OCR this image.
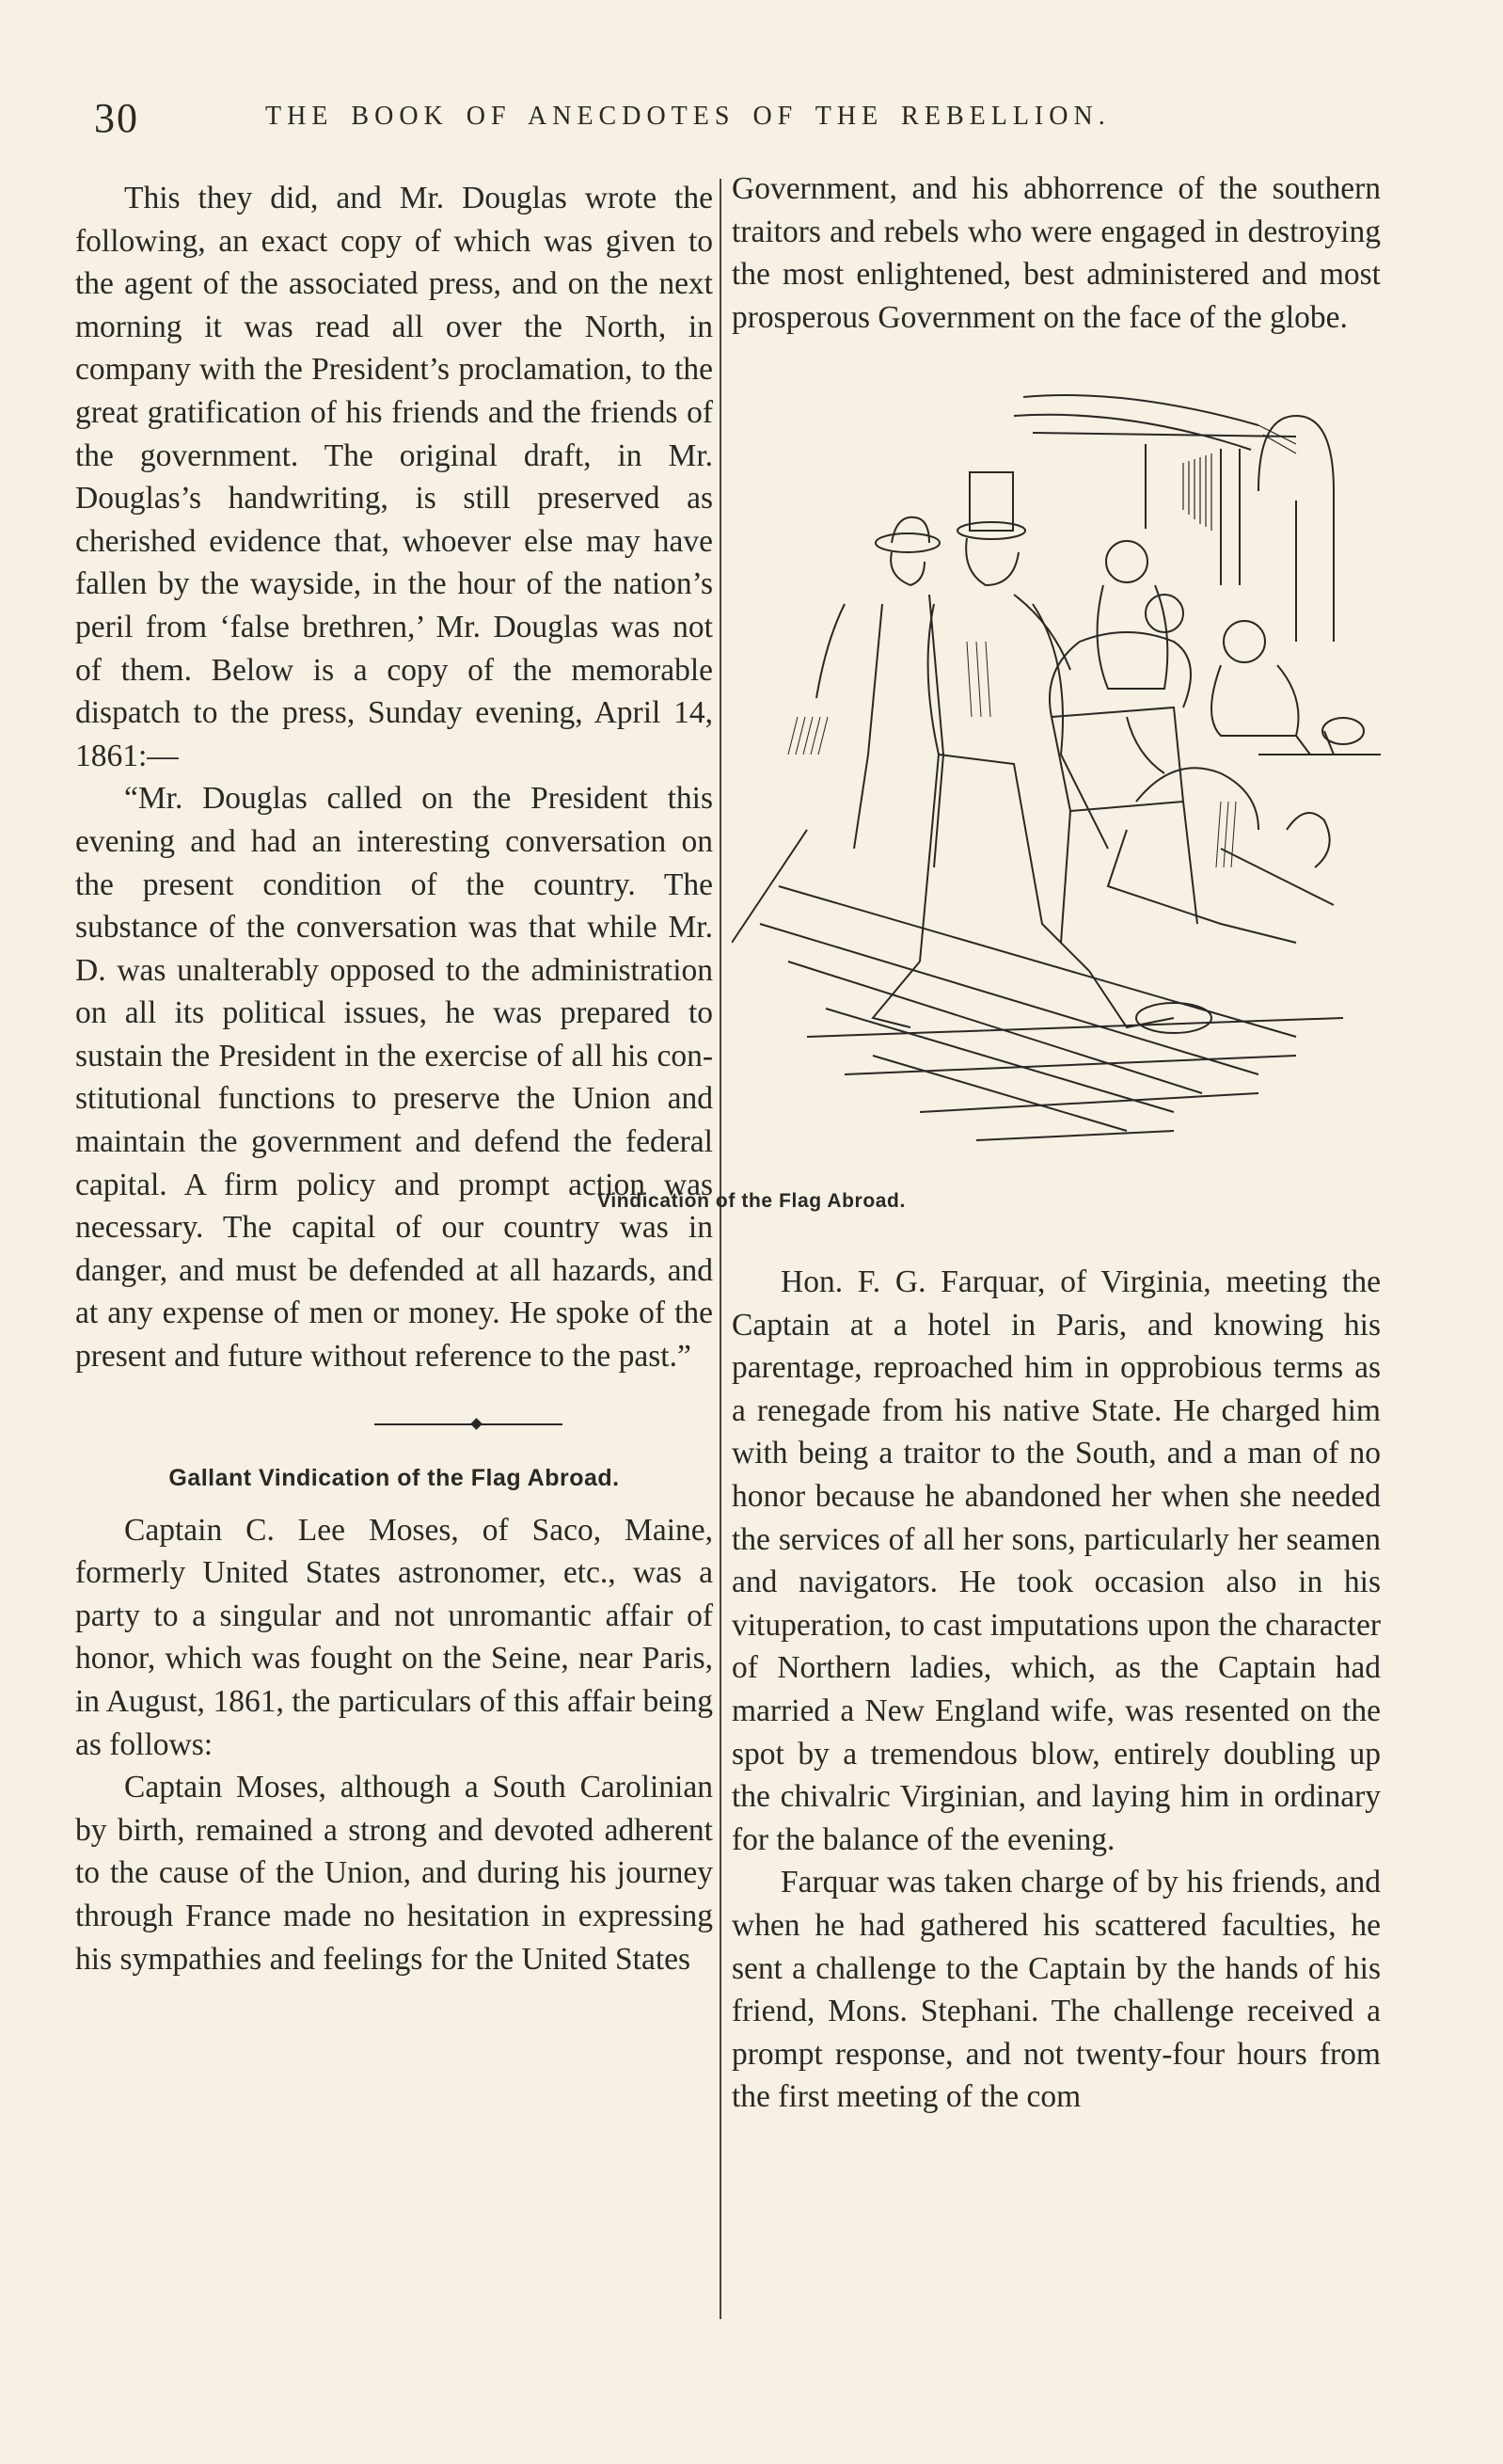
30	THE BOOK OF ANECDOTES OF THE REBELLION.

This they did, and Mr. Douglas wrote the following, an exact copy of which was given to the agent of the associated press, and on the next morning it was read all over the North, in company with the President’s proclamation, to the great gratification of his friends and the friends of the government. The original draft, in Mr. Douglas’s handwriting, is still preserved as cherished evidence that, whoever else may have fallen by the wayside, in the hour of the nation’s peril from ‘false brethren,’ Mr. Douglas was not of them. Below is a copy of the memorable dispatch to the press, Sunday evening, April 14, 1861:—

“Mr. Douglas called on the President this evening and had an interesting conversation on the present condition of the country. The substance of the conversation was that while Mr. D. was unalterably opposed to the administration on all its political issues, he was prepared to sustain the President in the exercise of all his constitutional functions to preserve the Union and maintain the government and defend the federal capital. A firm policy and prompt action was necessary. The capital of our country was in danger, and must be defended at all hazards, and at any expense of men or money. He spoke of the present and future without reference to the past.”

Gallant Vindication of the Flag Abroad.

Captain C. Lee Moses, of Saco, Maine, formerly United States astronomer, etc., was a party to a singular and not unromantic affair of honor, which was fought on the Seine, near Paris, in August, 1861, the particulars of this affair being as follows:

Captain Moses, although a South Carolinian by birth, remained a strong and devoted adherent to the cause of the Union, and during his journey through France made no hesitation in expressing his sympathies and feelings for the United States

Government, and his abhorrence of the southern traitors and rebels who were engaged in destroying the most enlightened, best administered and most prosperous Government on the face of the globe.

Vindication of the Flag Abroad.

Hon. F. G. Farquar, of Virginia, meeting the Captain at a hotel in Paris, and knowing his parentage, reproached him in opprobious terms as a renegade from his native State. He charged him with being a traitor to the South, and a man of no honor because he abandoned her when she needed the services of all her sons, particularly her seamen and navigators. He took occasion also in his vituperation, to cast imputations upon the character of Northern ladies, which, as the Captain had married a New England wife, was resented on the spot by a tremendous blow, entirely doubling up the chivalric Virginian, and laying him in ordinary for the balance of the evening.

Farquar was taken charge of by his friends, and when he had gathered his scattered faculties, he sent a challenge to the Captain by the hands of his friend, Mons. Stephani. The challenge received a prompt response, and not twenty-four hours from the first meeting of the com
